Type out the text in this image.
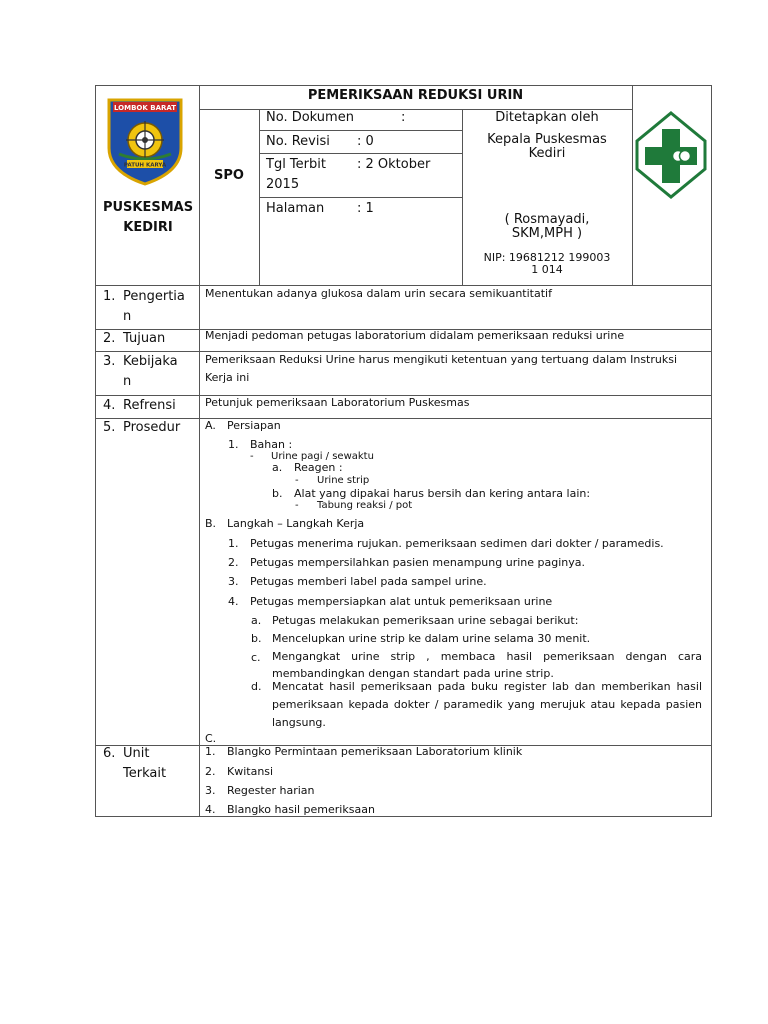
LOMBOK BARAT
PATUH KARYA
PUSKESMAS KEDIRI
PEMERIKSAAN REDUKSI URIN
SPO
No. Dokumen	:
No. Revisi : 0
Tgl Terbit : 2 Oktober
2015
Halaman	: 1
Ditetapkan oleh
Kepala Puskesmas
Kediri
( Rosmayadi,
SKM,MPH )
NIP: 19681212 199003
1 014
1. Pengertia
n
2. Tujuan
3. Kebijaka
n
4. Refrensi
5. Prosedur
6. Unit
Terkait
Menentukan adanya glukosa dalam urin secara semikuantitatif
Menjadi pedoman petugas laboratorium didalam pemeriksaan reduksi urine
Pemeriksaan Reduksi Urine harus mengikuti ketentuan yang tertuang dalam Instruksi
Kerja ini
Petunjuk pemeriksaan Laboratorium Puskesmas
A. Persiapan
1. Bahan :
- Urine pagi / sewaktu
a. Reagen :
- Urine strip
b. Alat yang dipakai harus bersih dan kering antara lain:
- Tabung reaksi / pot
B. Langkah – Langkah Kerja
1. Petugas menerima rujukan. pemeriksaan sedimen dari dokter / paramedis.
2. Petugas mempersilahkan pasien menampung urine paginya.
3. Petugas memberi label pada sampel urine.
4. Petugas mempersiapkan alat untuk pemeriksaan urine
a. Petugas melakukan pemeriksaan urine sebagai berikut:
b. Mencelupkan urine strip ke dalam urine selama 30 menit.
c. Mengangkat urine strip , membaca hasil pemeriksaan dengan cara membandingkan dengan standart pada urine strip.
d. Mencatat hasil pemeriksaan pada buku register lab dan memberikan hasil pemeriksaan kepada dokter / paramedik yang merujuk atau kepada pasien langsung.
C.
1. Blangko Permintaan pemeriksaan Laboratorium klinik
2. Kwitansi
3. Regester harian
4. Blangko hasil pemeriksaan
